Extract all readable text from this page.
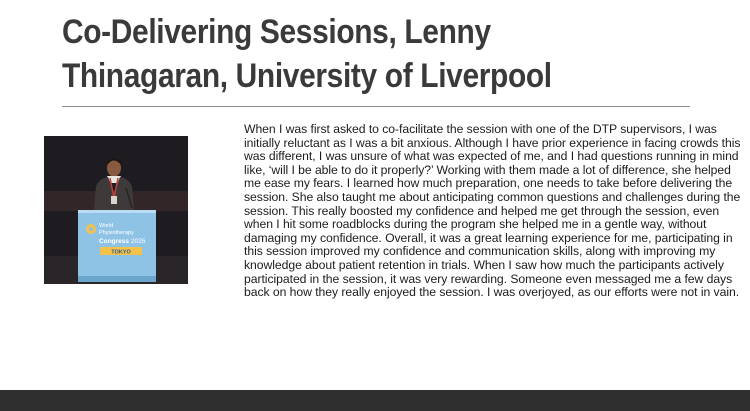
Co-Delivering Sessions, Lenny Thinagaran, University of Liverpool
World
Physiotherapy
Congress 2025
TOKYO

When I was first asked to co-facilitate the session with one of the DTP supervisors, I was initially reluctant as I was a bit anxious. Although I have prior experience in facing crowds this was different, I was unsure of what was expected of me, and I had questions running in mind like, ‘will I be able to do it properly?’ Working with them made a lot of difference, she helped me ease my fears. I learned how much preparation, one needs to take before delivering the session. She also taught me about anticipating common questions and challenges during the session. This really boosted my confidence and helped me get through the session, even when I hit some roadblocks during the program she helped me in a gentle way, without damaging my confidence. Overall, it was a great learning experience for me, participating in this session improved my confidence and communication skills, along with improving my knowledge about patient retention in trials. When I saw how much the participants actively participated in the session, it was very rewarding. Someone even messaged me a few days back on how they really enjoyed the session. I was overjoyed, as our efforts were not in vain.
